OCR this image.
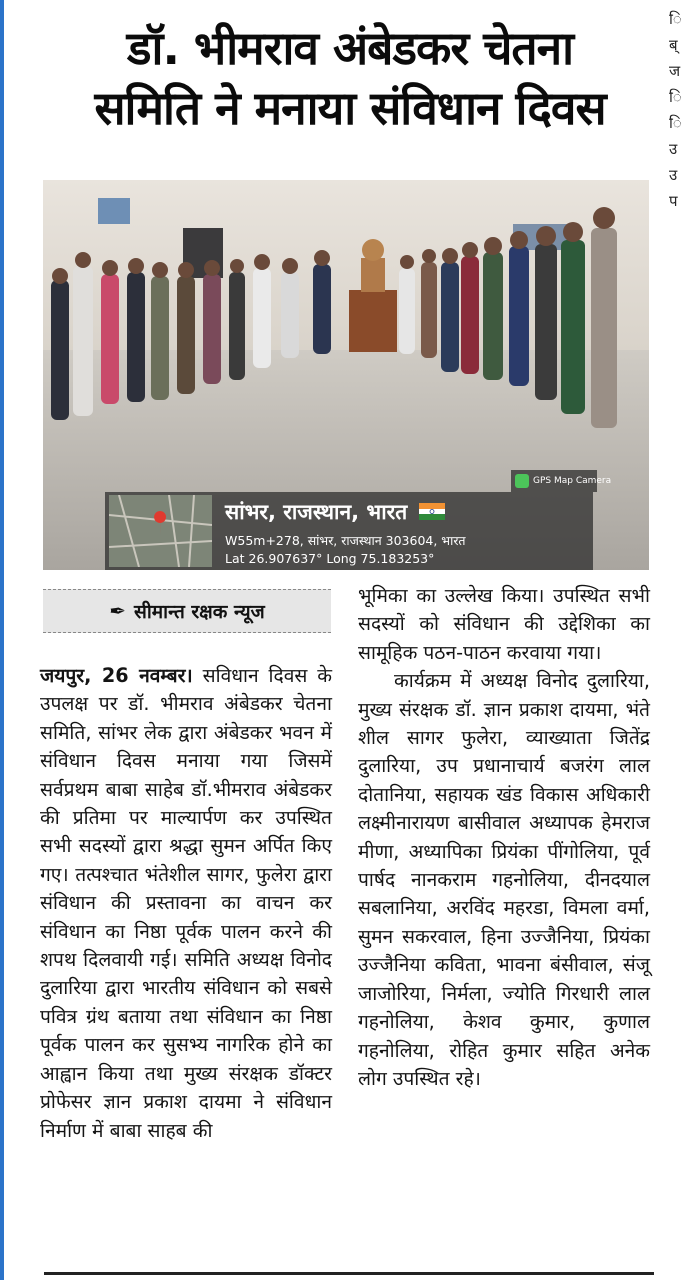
ि
ब्
ज
ि
ि
उ
उ
प
डॉ. भीमराव अंबेडकर चेतना
समिति ने मनाया संविधान दिवस
GPS Map Camera
सांभर, राजस्थान, भारत
W55m+278, सांभर, राजस्थान 303604, भारत
Lat 26.907637° Long 75.183253°
✒ सीमान्त रक्षक न्यूज

जयपुर, 26 नवम्बर। सविधान दिवस के उपलक्ष पर डॉ. भीमराव अंबेडकर चेतना समिति, सांभर लेक द्वारा अंबेडकर भवन में संविधान दिवस मनाया गया जिसमें सर्वप्रथम बाबा साहेब डॉ.भीमराव अंबेडकर की प्रतिमा पर माल्यार्पण कर उपस्थित सभी सदस्यों द्वारा श्रद्धा सुमन अर्पित किए गए। तत्पश्चात भंतेशील सागर, फुलेरा द्वारा संविधान की प्रस्तावना का वाचन कर संविधान का निष्ठा पूर्वक पालन करने की शपथ दिलवायी गई। समिति अध्यक्ष विनोद दुलारिया द्वारा भारतीय संविधान को सबसे पवित्र ग्रंथ बताया तथा संविधान का निष्ठा पूर्वक पालन कर सुसभ्य नागरिक होने का आह्वान किया तथा मुख्य संरक्षक डॉक्टर प्रोफेसर ज्ञान प्रकाश दायमा ने संविधान निर्माण में बाबा साहब की

भूमिका का उल्लेख किया। उपस्थित सभी सदस्यों को संविधान की उद्देशिका का सामूहिक पठन-पाठन करवाया गया।

कार्यक्रम में अध्यक्ष विनोद दुलारिया, मुख्य संरक्षक डॉ. ज्ञान प्रकाश दायमा, भंते शील सागर फुलेरा, व्याख्याता जितेंद्र दुलारिया, उप प्रधानाचार्य बजरंग लाल दोतानिया, सहायक खंड विकास अधिकारी लक्ष्मीनारायण बासीवाल अध्यापक हेमराज मीणा, अध्यापिका प्रियंका पींगोलिया, पूर्व पार्षद नानकराम गहनोलिया, दीनदयाल सबलानिया, अरविंद महरडा, विमला वर्मा, सुमन सकरवाल, हिना उज्जैनिया, प्रियंका उज्जैनिया कविता, भावना बंसीवाल, संजू जाजोरिया, निर्मला, ज्योति गिरधारी लाल गहनोलिया, केशव कुमार, कुणाल गहनोलिया, रोहित कुमार सहित अनेक लोग उपस्थित रहे।
